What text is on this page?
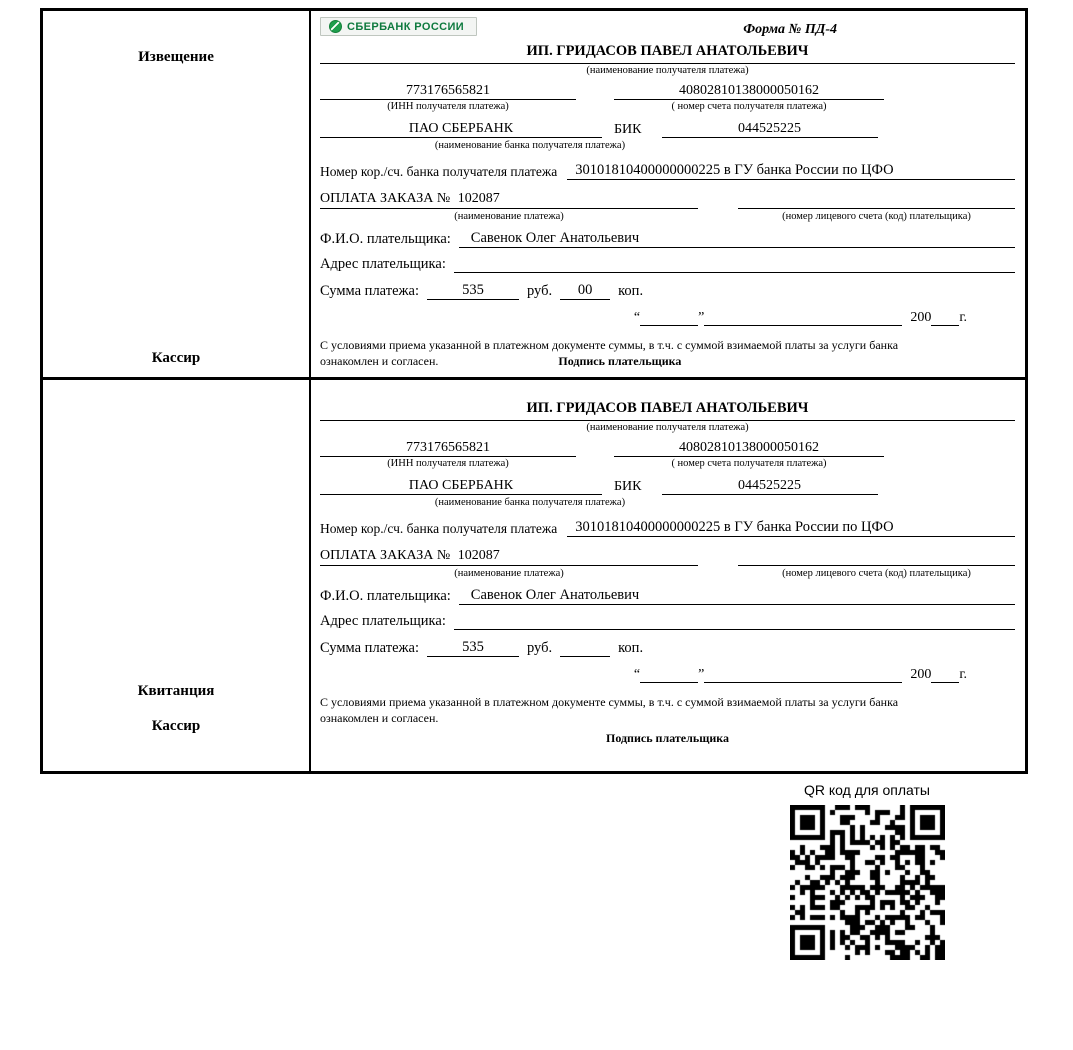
Извещение
Кассир
СБЕРБАНК РОССИИ	Форма № ПД-4
ИП. ГРИДАСОВ ПАВЕЛ АНАТОЛЬЕВИЧ
(наименование получателя платежа)
773176565821
(ИНН получателя платежа)
40802810138000050162
( номер счета получателя платежа)
ПАО СБЕРБАНК	БИК	044525225
(наименование банка получателя платежа)
Номер кор./сч. банка получателя платежа	30101810400000000225 в ГУ банка России по ЦФО
ОПЛАТА ЗАКАЗА № 102087
(наименование платежа)	(номер лицевого счета (код) плательщика)
Ф.И.О. плательщика:	Савенок Олег Анатольевич
Адрес плательщика:
Сумма платежа:	535	руб.	00	коп.
“	”	200 г.
С условиями приема указанной в платежном документе суммы, в т.ч. с суммой взимаемой платы за услуги банка
ознакомлен и согласен.	Подпись плательщика
Квитанция
Кассир
ИП. ГРИДАСОВ ПАВЕЛ АНАТОЛЬЕВИЧ
(наименование получателя платежа)
773176565821
(ИНН получателя платежа)
40802810138000050162
( номер счета получателя платежа)
ПАО СБЕРБАНК	БИК	044525225
(наименование банка получателя платежа)
Номер кор./сч. банка получателя платежа	30101810400000000225 в ГУ банка России по ЦФО
ОПЛАТА ЗАКАЗА № 102087
(наименование платежа)	(номер лицевого счета (код) плательщика)
Ф.И.О. плательщика:	Савенок Олег Анатольевич
Адрес плательщика:
Сумма платежа:	535	руб.	коп.
“	”	200 г.
С условиями приема указанной в платежном документе суммы, в т.ч. с суммой взимаемой платы за услуги банка
ознакомлен и согласен.
Подпись плательщика
QR код для оплаты
